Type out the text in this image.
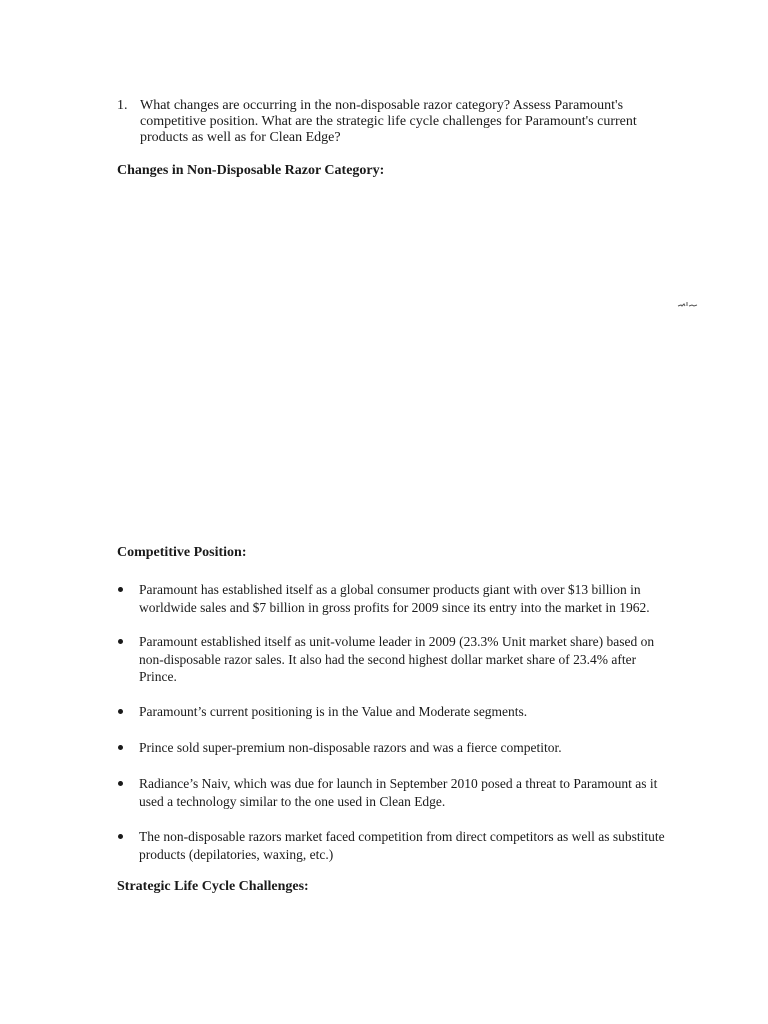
1. What changes are occurring in the non-disposable razor category? Assess Paramount's competitive position. What are the strategic life cycle challenges for Paramount's current products as well as for Clean Edge?
Changes in Non-Disposable Razor Category:
Competitive Position:
Paramount has established itself as a global consumer products giant with over $13 billion in worldwide sales and $7 billion in gross profits for 2009 since its entry into the market in 1962.
Paramount established itself as unit-volume leader in 2009 (23.3% Unit market share) based on non-disposable razor sales. It also had the second highest dollar market share of 23.4% after Prince.
Paramount’s current positioning is in the Value and Moderate segments.
Prince sold super-premium non-disposable razors and was a fierce competitor.
Radiance’s Naiv, which was due for launch in September 2010 posed a threat to Paramount as it used a technology similar to the one used in Clean Edge.
The non-disposable razors market faced competition from direct competitors as well as substitute products (depilatories, waxing, etc.)
Strategic Life Cycle Challenges:
